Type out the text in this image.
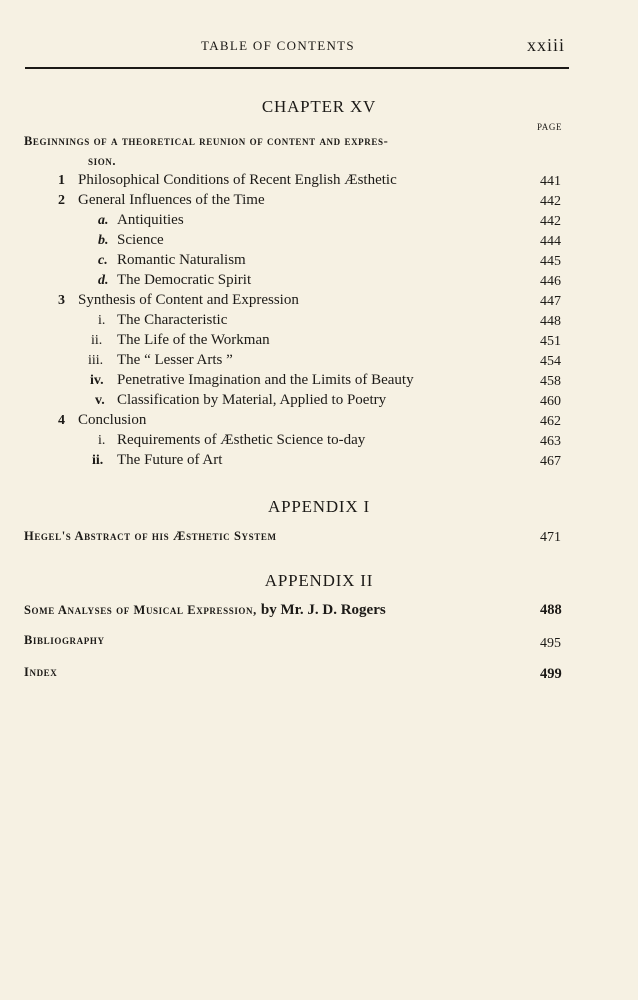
TABLE OF CONTENTS	xxiii
CHAPTER XV
PAGE
Beginnings of a theoretical reunion of content and expres-
sion.
1 Philosophical Conditions of Recent English Æsthetic	441
2 General Influences of the Time	442
a. Antiquities	442
b. Science	444
c. Romantic Naturalism	445
d. The Democratic Spirit	446
3 Synthesis of Content and Expression	447
i. The Characteristic	448
ii. The Life of the Workman	451
iii. The “ Lesser Arts ”	454
iv. Penetrative Imagination and the Limits of Beauty	458
v. Classification by Material, Applied to Poetry	460
4 Conclusion	462
i. Requirements of Æsthetic Science to-day	463
ii. The Future of Art	467
APPENDIX I
Hegel's Abstract of his Æsthetic System	471
APPENDIX II
Some Analyses of Musical Expression, by Mr. J. D. Rogers	488
Bibliography	495
Index	499
